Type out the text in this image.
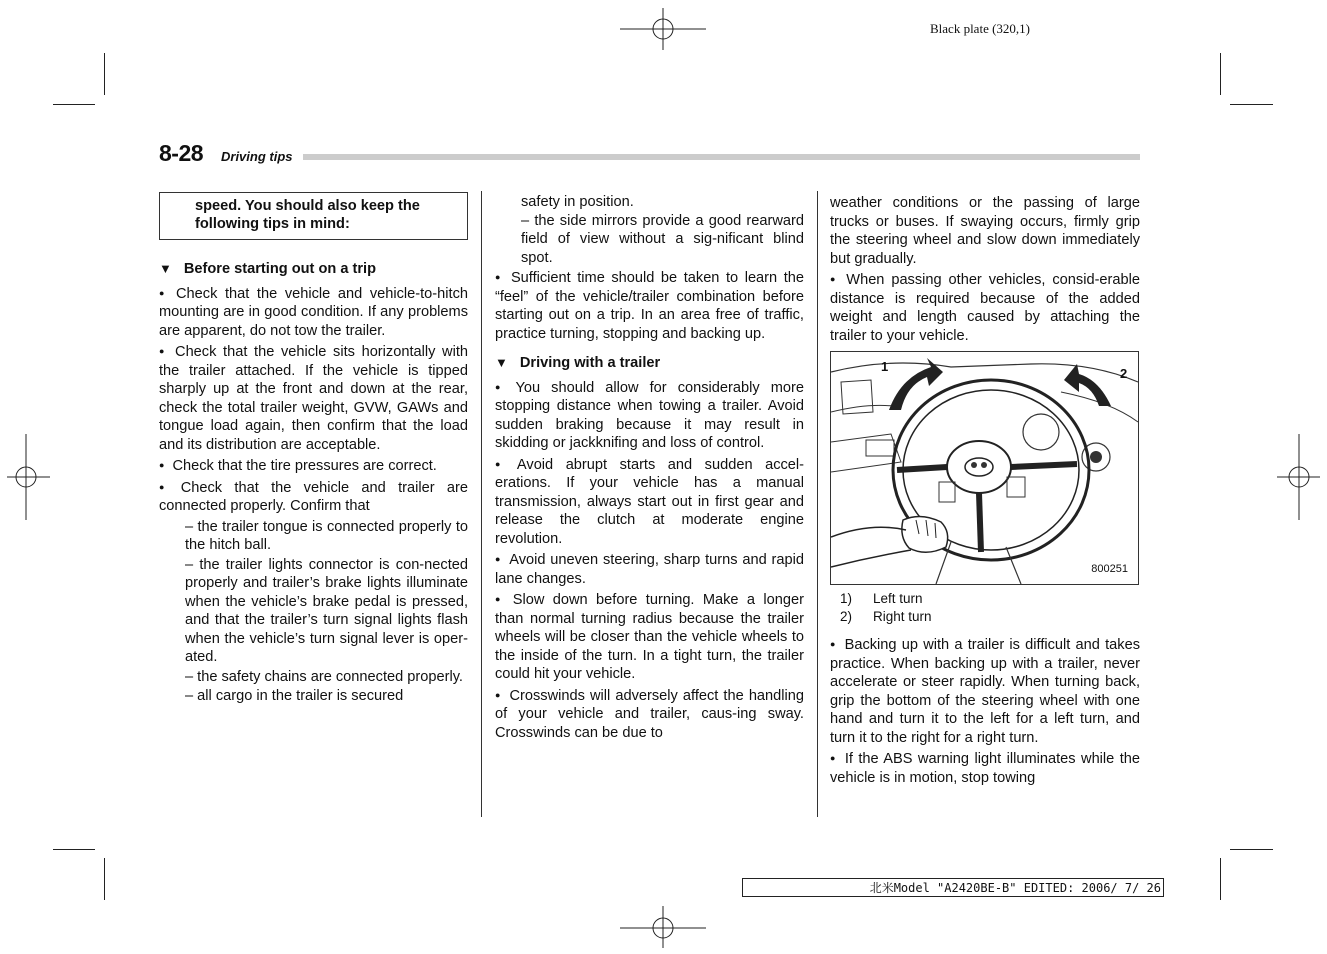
Black plate (320,1)
8-28 Driving tips
speed. You should also keep the following tips in mind:
▼ Before starting out on a trip

● Check that the vehicle and vehicle-to-hitch mounting are in good condition. If any problems are apparent, do not tow the trailer.

● Check that the vehicle sits horizontally with the trailer attached. If the vehicle is tipped sharply up at the front and down at the rear, check the total trailer weight, GVW, GAWs and tongue load again, then confirm that the load and its distribution are acceptable.

● Check that the tire pressures are correct.

● Check that the vehicle and trailer are connected properly. Confirm that

– the trailer tongue is connected properly to the hitch ball.

– the trailer lights connector is con-nected properly and trailer’s brake lights illuminate when the vehicle’s brake pedal is pressed, and that the trailer’s turn signal lights flash when the vehicle’s turn signal lever is oper-ated.

– the safety chains are connected properly.

– all cargo in the trailer is secured

safety in position.

– the side mirrors provide a good rearward field of view without a sig-nificant blind spot.

● Sufficient time should be taken to learn the “feel” of the vehicle/trailer combination before starting out on a trip. In an area free of traffic, practice turning, stopping and backing up.

▼ Driving with a trailer

● You should allow for considerably more stopping distance when towing a trailer. Avoid sudden braking because it may result in skidding or jackknifing and loss of control.

● Avoid abrupt starts and sudden accel-erations. If your vehicle has a manual transmission, always start out in first gear and release the clutch at moderate engine revolution.

● Avoid uneven steering, sharp turns and rapid lane changes.

● Slow down before turning. Make a longer than normal turning radius because the trailer wheels will be closer than the vehicle wheels to the inside of the turn. In a tight turn, the trailer could hit your vehicle.

● Crosswinds will adversely affect the handling of your vehicle and trailer, caus-ing sway. Crosswinds can be due to

weather conditions or the passing of large trucks or buses. If swaying occurs, firmly grip the steering wheel and slow down immediately but gradually.

● When passing other vehicles, consid-erable distance is required because of the added weight and length caused by attaching the trailer to your vehicle.

1	2
800251
1) Left turn
2) Right turn

● Backing up with a trailer is difficult and takes practice. When backing up with a trailer, never accelerate or steer rapidly. When turning back, grip the bottom of the steering wheel with one hand and turn it to the left for a left turn, and turn it to the right for a right turn.

● If the ABS warning light illuminates while the vehicle is in motion, stop towing

北米Model "A2420BE-B" EDITED: 2006/ 7/ 26
